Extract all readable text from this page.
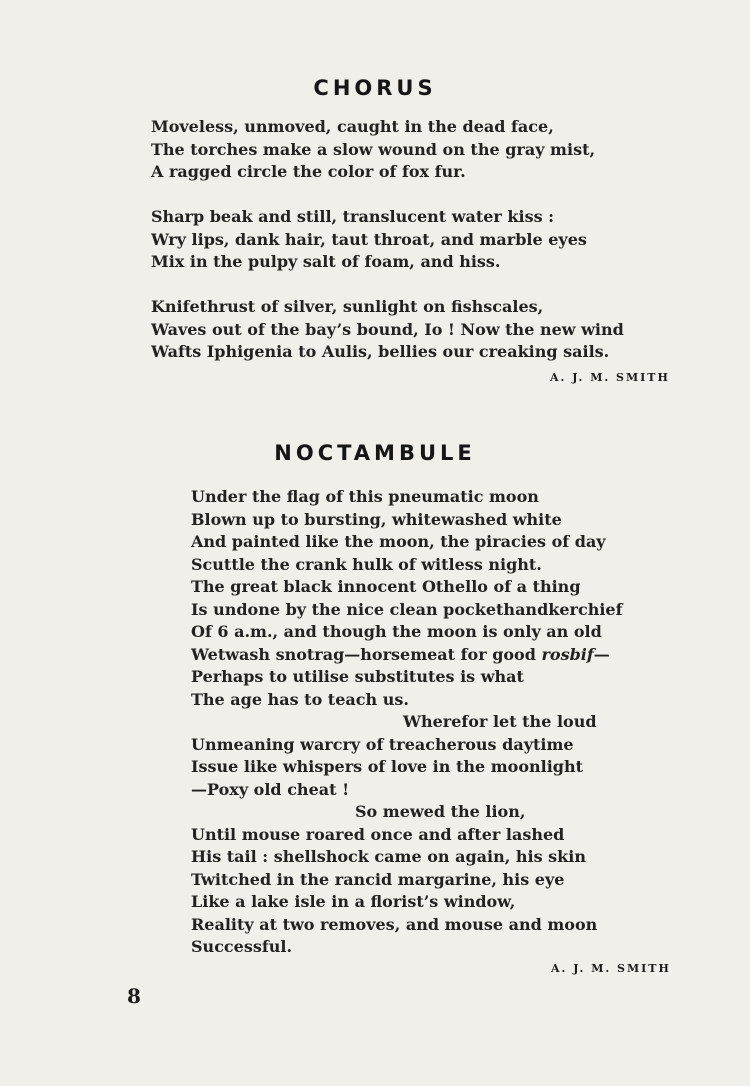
CHORUS
Moveless, unmoved, caught in the dead face,
The torches make a slow wound on the gray mist,
A ragged circle the color of fox fur.
Sharp beak and still, translucent water kiss :
Wry lips, dank hair, taut throat, and marble eyes
Mix in the pulpy salt of foam, and hiss.
Knifethrust of silver, sunlight on fishscales,
Waves out of the bay’s bound, Io ! Now the new wind
Wafts Iphigenia to Aulis, bellies our creaking sails.
A. J. M. SMITH
NOCTAMBULE
Under the flag of this pneumatic moon
Blown up to bursting, whitewashed white
And painted like the moon, the piracies of day
Scuttle the crank hulk of witless night.
The great black innocent Othello of a thing
Is undone by the nice clean pockethandkerchief
Of 6 a.m., and though the moon is only an old
Wetwash snotrag—horsemeat for good rosbif—
Perhaps to utilise substitutes is what
The age has to teach us.
Wherefor let the loud
Unmeaning warcry of treacherous daytime
Issue like whispers of love in the moonlight
—Poxy old cheat !
So mewed the lion,
Until mouse roared once and after lashed
His tail : shellshock came on again, his skin
Twitched in the rancid margarine, his eye
Like a lake isle in a florist’s window,
Reality at two removes, and mouse and moon
Successful.
A. J. M. SMITH
8
